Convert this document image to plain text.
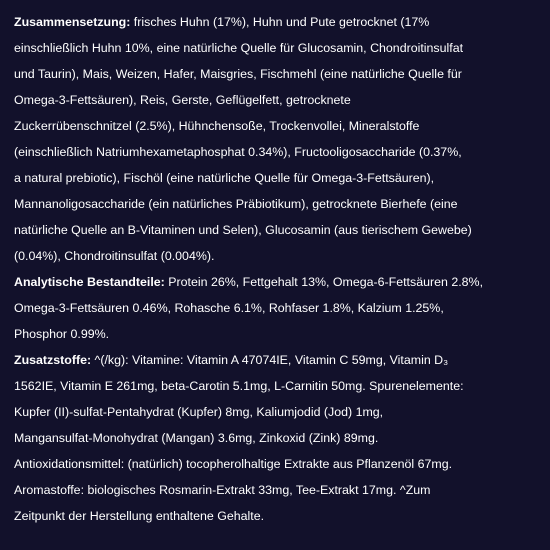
Zusammensetzung: frisches Huhn (17%), Huhn und Pute getrocknet (17%
einschließlich Huhn 10%, eine natürliche Quelle für Glucosamin, Chondroitinsulfat
und Taurin), Mais, Weizen, Hafer, Maisgries, Fischmehl (eine natürliche Quelle für
Omega-3-Fettsäuren), Reis, Gerste, Geflügelfett, getrocknete
Zuckerrübenschnitzel (2.5%), Hühnchensoße, Trockenvollei, Mineralstoffe
(einschließlich Natriumhexametaphosphat 0.34%), Fructooligosaccharide (0.37%,
a natural prebiotic), Fischöl (eine natürliche Quelle für Omega-3-Fettsäuren),
Mannanoligosaccharide (ein natürliches Präbiotikum), getrocknete Bierhefe (eine
natürliche Quelle an B-Vitaminen und Selen), Glucosamin (aus tierischem Gewebe)
(0.04%), Chondroitinsulfat (0.004%).
Analytische Bestandteile: Protein 26%, Fettgehalt 13%, Omega-6-Fettsäuren 2.8%,
Omega-3-Fettsäuren 0.46%, Rohasche 6.1%, Rohfaser 1.8%, Kalzium 1.25%,
Phosphor 0.99%.
Zusatzstoffe: ^(/kg): Vitamine: Vitamin A 47074IE, Vitamin C 59mg, Vitamin D₃
1562IE, Vitamin E 261mg, beta-Carotin 5.1mg, L-Carnitin 50mg. Spurenelemente:
Kupfer (II)-sulfat-Pentahydrat (Kupfer) 8mg, Kaliumjodid (Jod) 1mg,
Mangansulfat-Monohydrat (Mangan) 3.6mg, Zinkoxid (Zink) 89mg.
Antioxidationsmittel: (natürlich) tocopherolhaltige Extrakte aus Pflanzenöl 67mg.
Aromastoffe: biologisches Rosmarin-Extrakt 33mg, Tee-Extrakt 17mg. ^Zum
Zeitpunkt der Herstellung enthaltene Gehalte.
